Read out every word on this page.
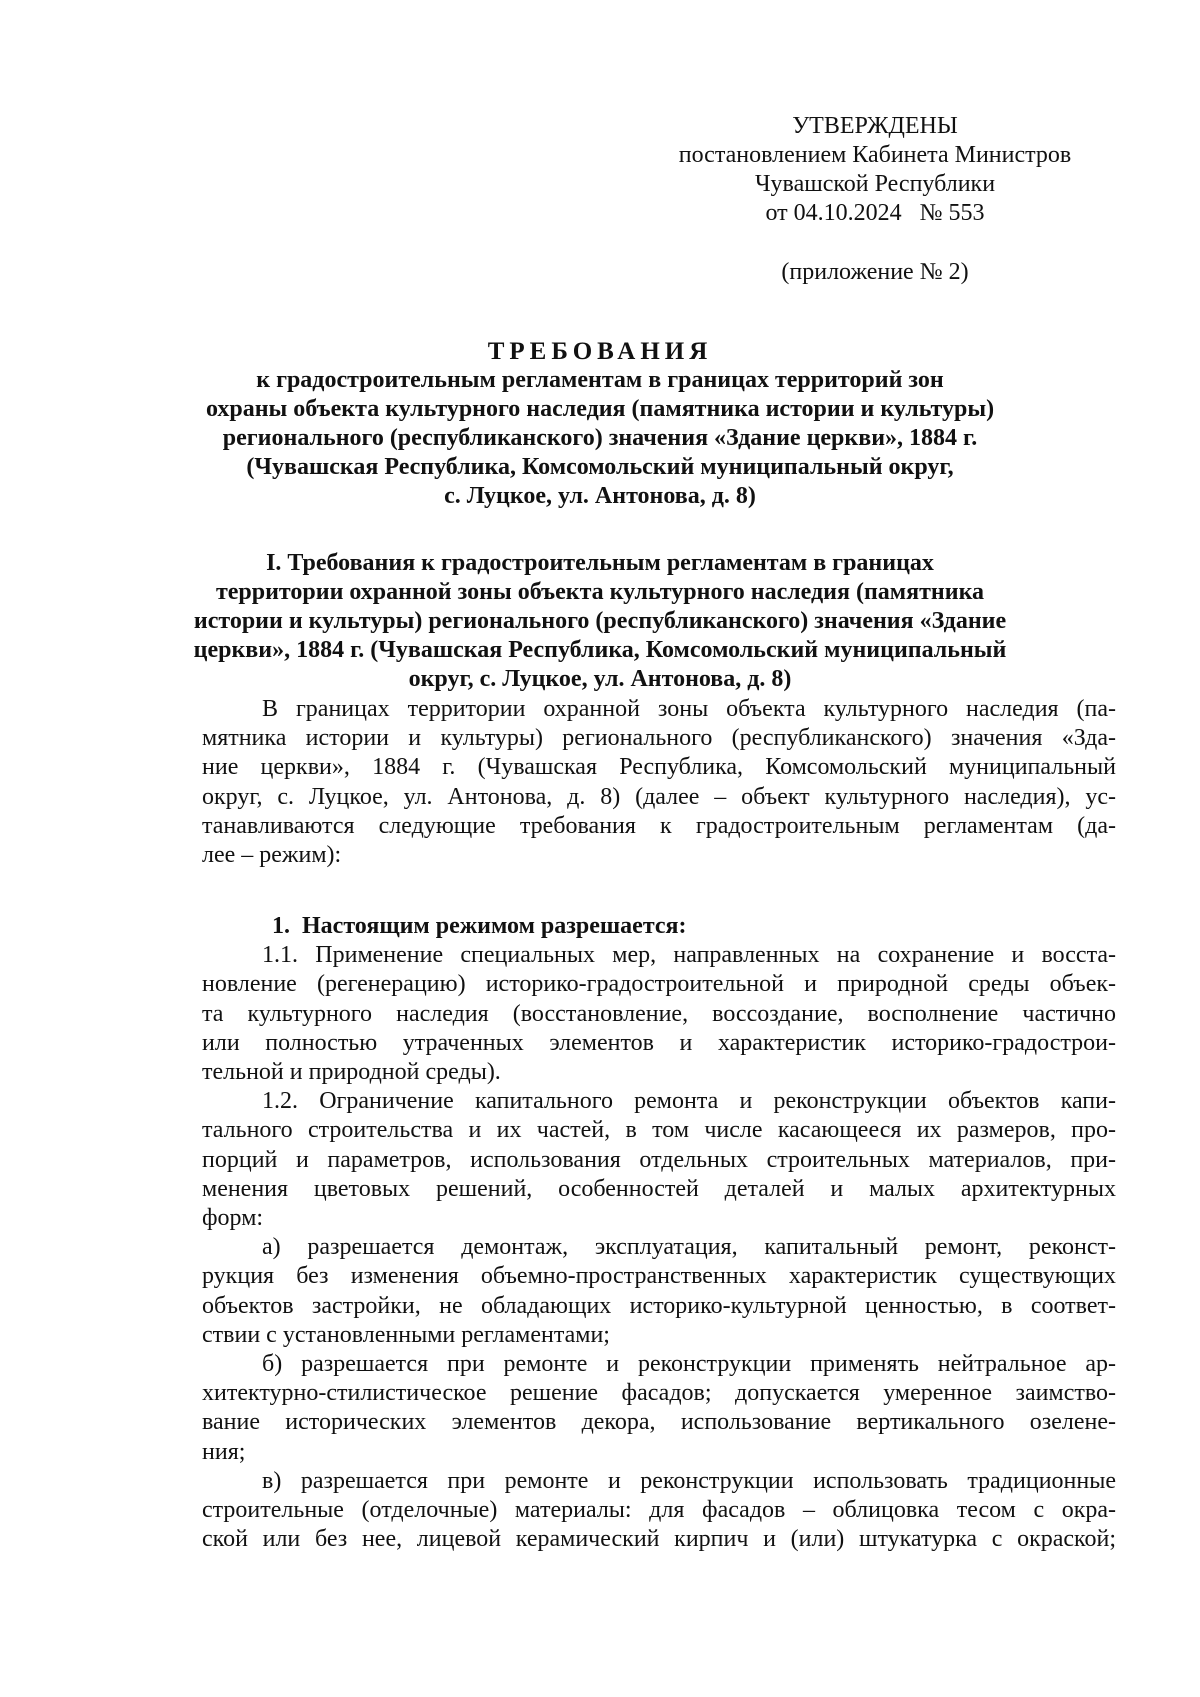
УТВЕРЖДЕНЫ
постановлением Кабинета Министров
Чувашской Республики
от 04.10.2024   № 553
(приложение № 2)
ТРЕБОВАНИЯ
к градостроительным регламентам в границах территорий зон
охраны объекта культурного наследия (памятника истории и культуры)
регионального (республиканского) значения «Здание церкви», 1884 г.
(Чувашская Республика, Комсомольский муниципальный округ,
с. Луцкое, ул. Антонова, д. 8)
I. Требования к градостроительным регламентам в границах
территории охранной зоны объекта культурного наследия (памятника
истории и культуры) регионального (республиканского) значения «Здание
церкви», 1884 г. (Чувашская Республика, Комсомольский муниципальный
округ, с. Луцкое, ул. Антонова, д. 8)
В границах территории охранной зоны объекта культурного наследия (па-
мятника истории и культуры) регионального (республиканского) значения «Зда-
ние церкви», 1884 г. (Чувашская Республика, Комсомольский муниципальный
округ, с. Луцкое, ул. Антонова, д. 8) (далее – объект культурного наследия), ус-
танавливаются следующие требования к градостроительным регламентам (да-
лее – режим):
1.  Настоящим режимом разрешается:
1.1. Применение специальных мер, направленных на сохранение и восста-
новление (регенерацию) историко-градостроительной и природной среды объек-
та культурного наследия (восстановление, воссоздание, восполнение частично
или полностью утраченных элементов и характеристик историко-градострои-
тельной и природной среды).
1.2. Ограничение капитального ремонта и реконструкции объектов капи-
тального строительства и их частей, в том числе касающееся их размеров, про-
порций и параметров, использования отдельных строительных материалов, при-
менения цветовых решений, особенностей деталей и малых архитектурных
форм:
а) разрешается демонтаж, эксплуатация, капитальный ремонт, реконст-
рукция без изменения объемно-пространственных характеристик существующих
объектов застройки, не обладающих историко-культурной ценностью, в соответ-
ствии с установленными регламентами;
б) разрешается при ремонте и реконструкции применять нейтральное ар-
хитектурно-стилистическое решение фасадов; допускается умеренное заимство-
вание исторических элементов декора, использование вертикального озелене-
ния;
в) разрешается при ремонте и реконструкции использовать традиционные
строительные (отделочные) материалы: для фасадов – облицовка тесом с окра-
ской или без нее, лицевой керамический кирпич и (или) штукатурка с окраской;
